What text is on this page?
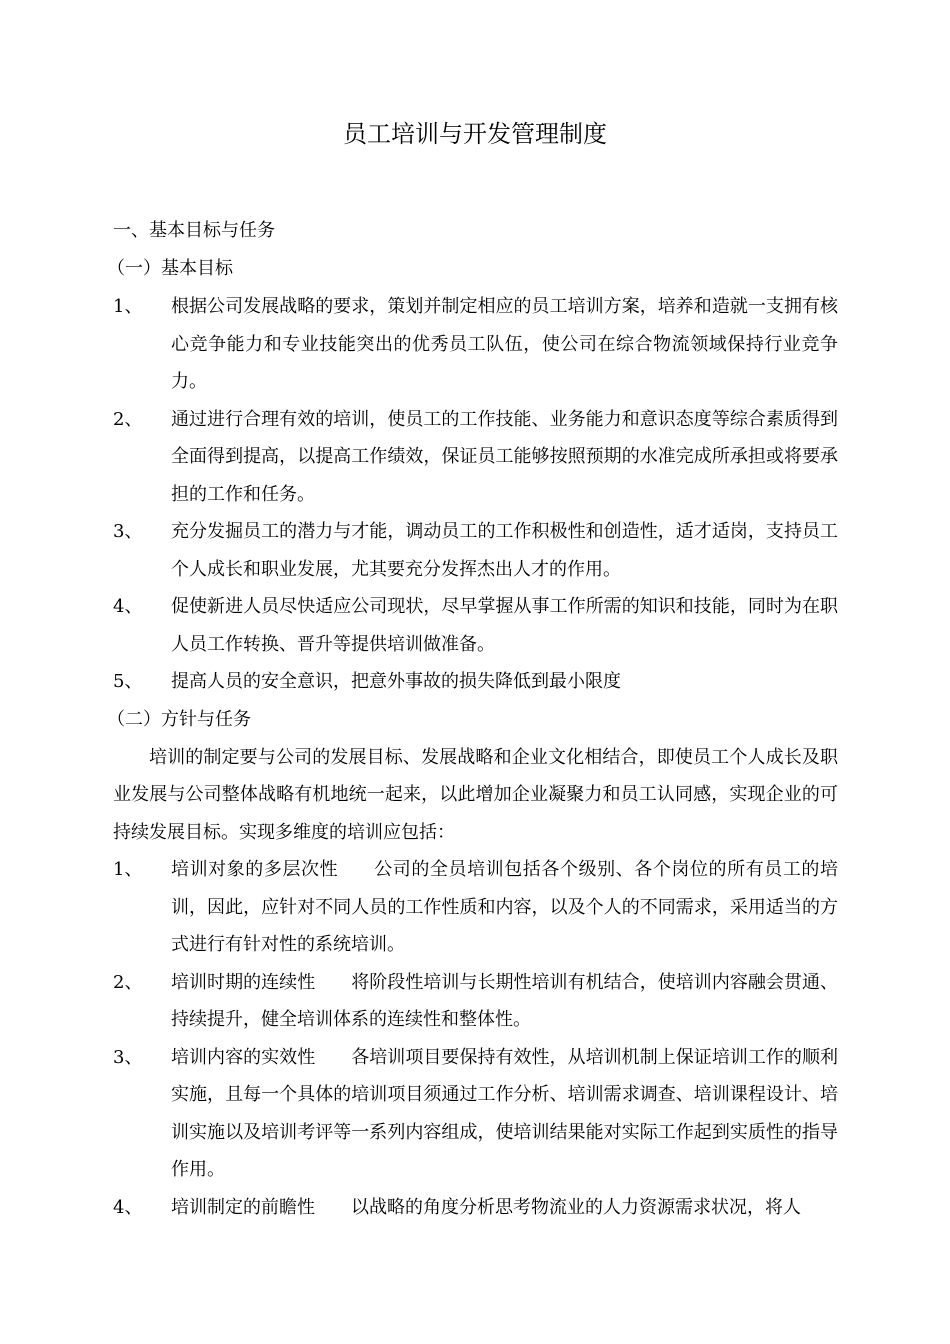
员工培训与开发管理制度
一、基本目标与任务
（一）基本目标
1、 根据公司发展战略的要求，策划并制定相应的员工培训方案，培养和造就一支拥有核心竞争能力和专业技能突出的优秀员工队伍，使公司在综合物流领域保持行业竞争力。
2、 通过进行合理有效的培训，使员工的工作技能、业务能力和意识态度等综合素质得到全面得到提高，以提高工作绩效，保证员工能够按照预期的水准完成所承担或将要承担的工作和任务。
3、 充分发掘员工的潜力与才能，调动员工的工作积极性和创造性，适才适岗，支持员工个人成长和职业发展，尤其要充分发挥杰出人才的作用。
4、 促使新进人员尽快适应公司现状，尽早掌握从事工作所需的知识和技能，同时为在职人员工作转换、晋升等提供培训做准备。
5、 提高人员的安全意识，把意外事故的损失降低到最小限度
（二）方针与任务
培训的制定要与公司的发展目标、发展战略和企业文化相结合，即使员工个人成长及职业发展与公司整体战略有机地统一起来，以此增加企业凝聚力和员工认同感，实现企业的可持续发展目标。实现多维度的培训应包括：
1、 培训对象的多层次性 公司的全员培训包括各个级别、各个岗位的所有员工的培训，因此，应针对不同人员的工作性质和内容，以及个人的不同需求，采用适当的方式进行有针对性的系统培训。
2、 培训时期的连续性 将阶段性培训与长期性培训有机结合，使培训内容融会贯通、持续提升，健全培训体系的连续性和整体性。
3、 培训内容的实效性 各培训项目要保持有效性，从培训机制上保证培训工作的顺利实施，且每一个具体的培训项目须通过工作分析、培训需求调查、培训课程设计、培训实施以及培训考评等一系列内容组成，使培训结果能对实际工作起到实质性的指导作用。
4、 培训制定的前瞻性 以战略的角度分析思考物流业的人力资源需求状况，将人
